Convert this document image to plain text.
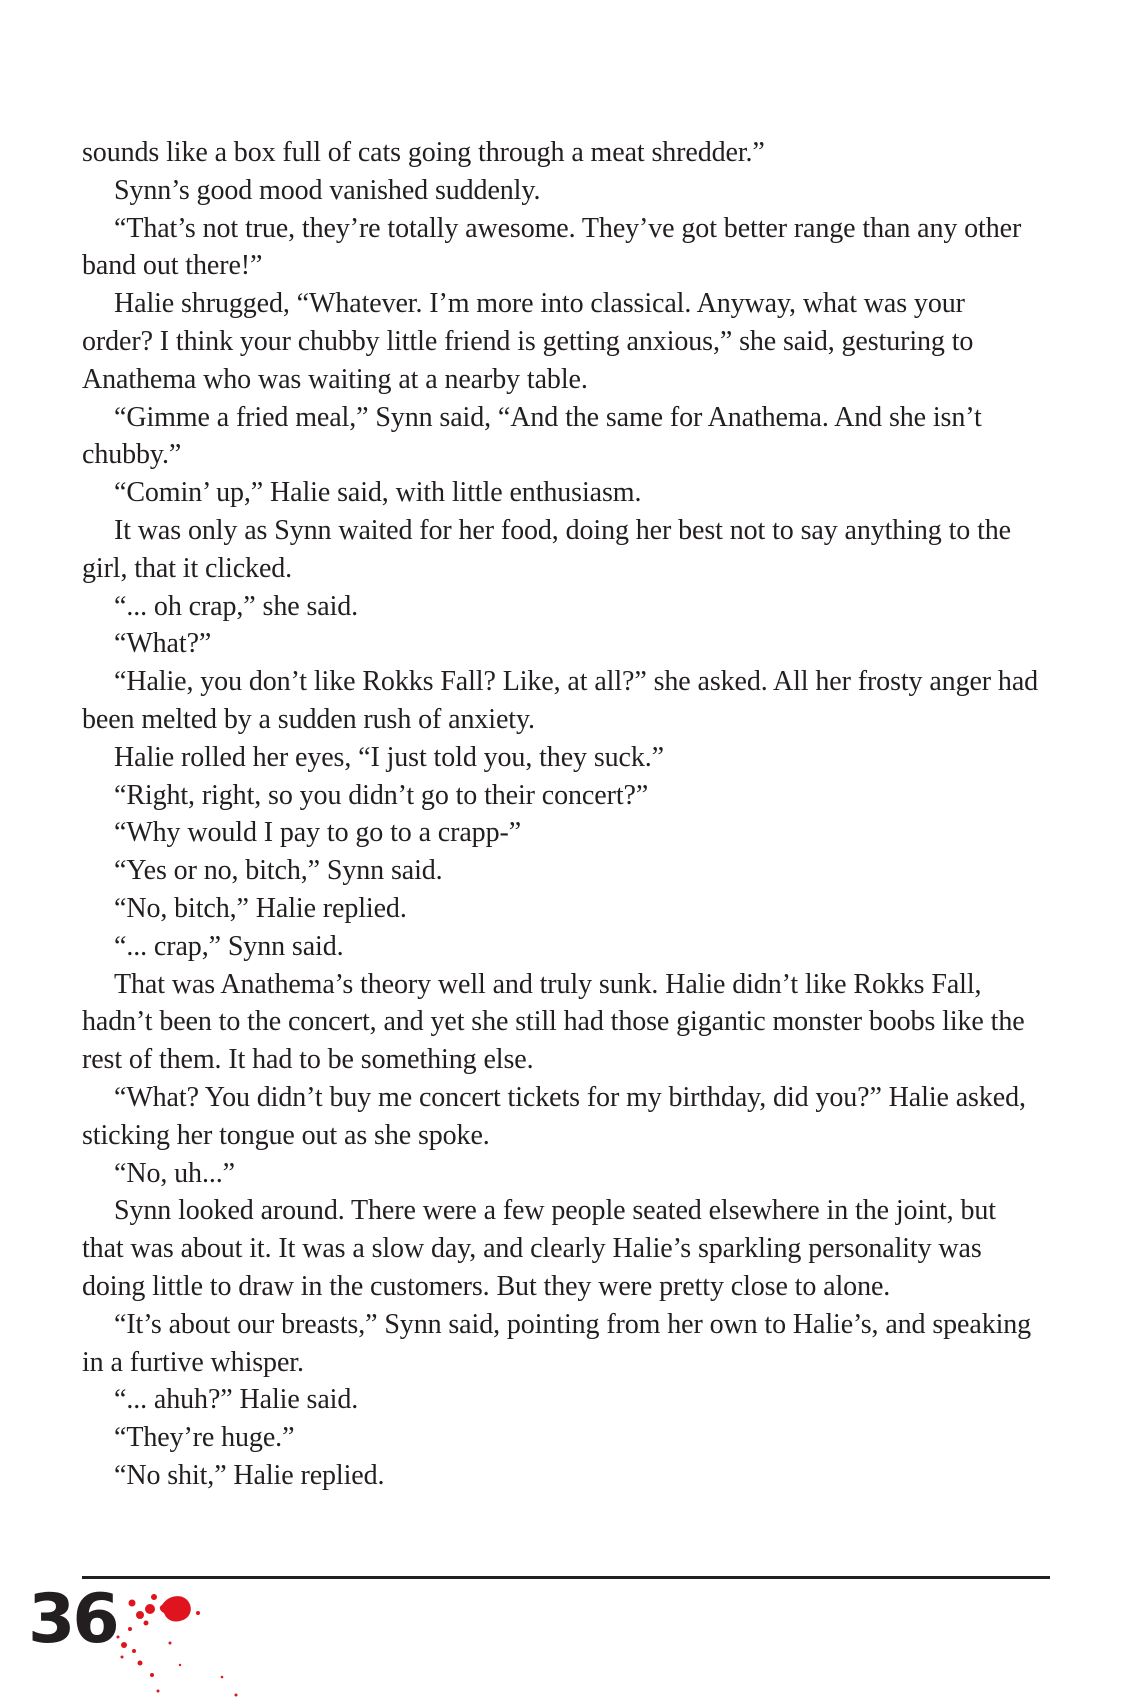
sounds like a box full of cats going through a meat shredder.”

Synn’s good mood vanished suddenly.

“That’s not true, they’re totally awesome. They’ve got better range than any other band out there!”

Halie shrugged, “Whatever. I’m more into classical. Anyway, what was your order? I think your chubby little friend is getting anxious,” she said, gesturing to Anathema who was waiting at a nearby table.

“Gimme a fried meal,” Synn said, “And the same for Anathema. And she isn’t chubby.”

“Comin’ up,” Halie said, with little enthusiasm.

It was only as Synn waited for her food, doing her best not to say anything to the girl, that it clicked.

“... oh crap,” she said.

“What?”

“Halie, you don’t like Rokks Fall? Like, at all?” she asked. All her frosty anger had been melted by a sudden rush of anxiety.

Halie rolled her eyes, “I just told you, they suck.”

“Right, right, so you didn’t go to their concert?”

“Why would I pay to go to a crapp-”

“Yes or no, bitch,” Synn said.

“No, bitch,” Halie replied.

“... crap,” Synn said.

That was Anathema’s theory well and truly sunk. Halie didn’t like Rokks Fall, hadn’t been to the concert, and yet she still had those gigantic monster boobs like the rest of them. It had to be something else.

“What? You didn’t buy me concert tickets for my birthday, did you?” Halie asked, sticking her tongue out as she spoke.

“No, uh...”

Synn looked around. There were a few people seated elsewhere in the joint, but that was about it. It was a slow day, and clearly Halie’s sparkling personality was doing little to draw in the customers. But they were pretty close to alone.

“It’s about our breasts,” Synn said, pointing from her own to Halie’s, and speaking in a furtive whisper.

“... ahuh?” Halie said.

“They’re huge.”

“No shit,” Halie replied.

36
